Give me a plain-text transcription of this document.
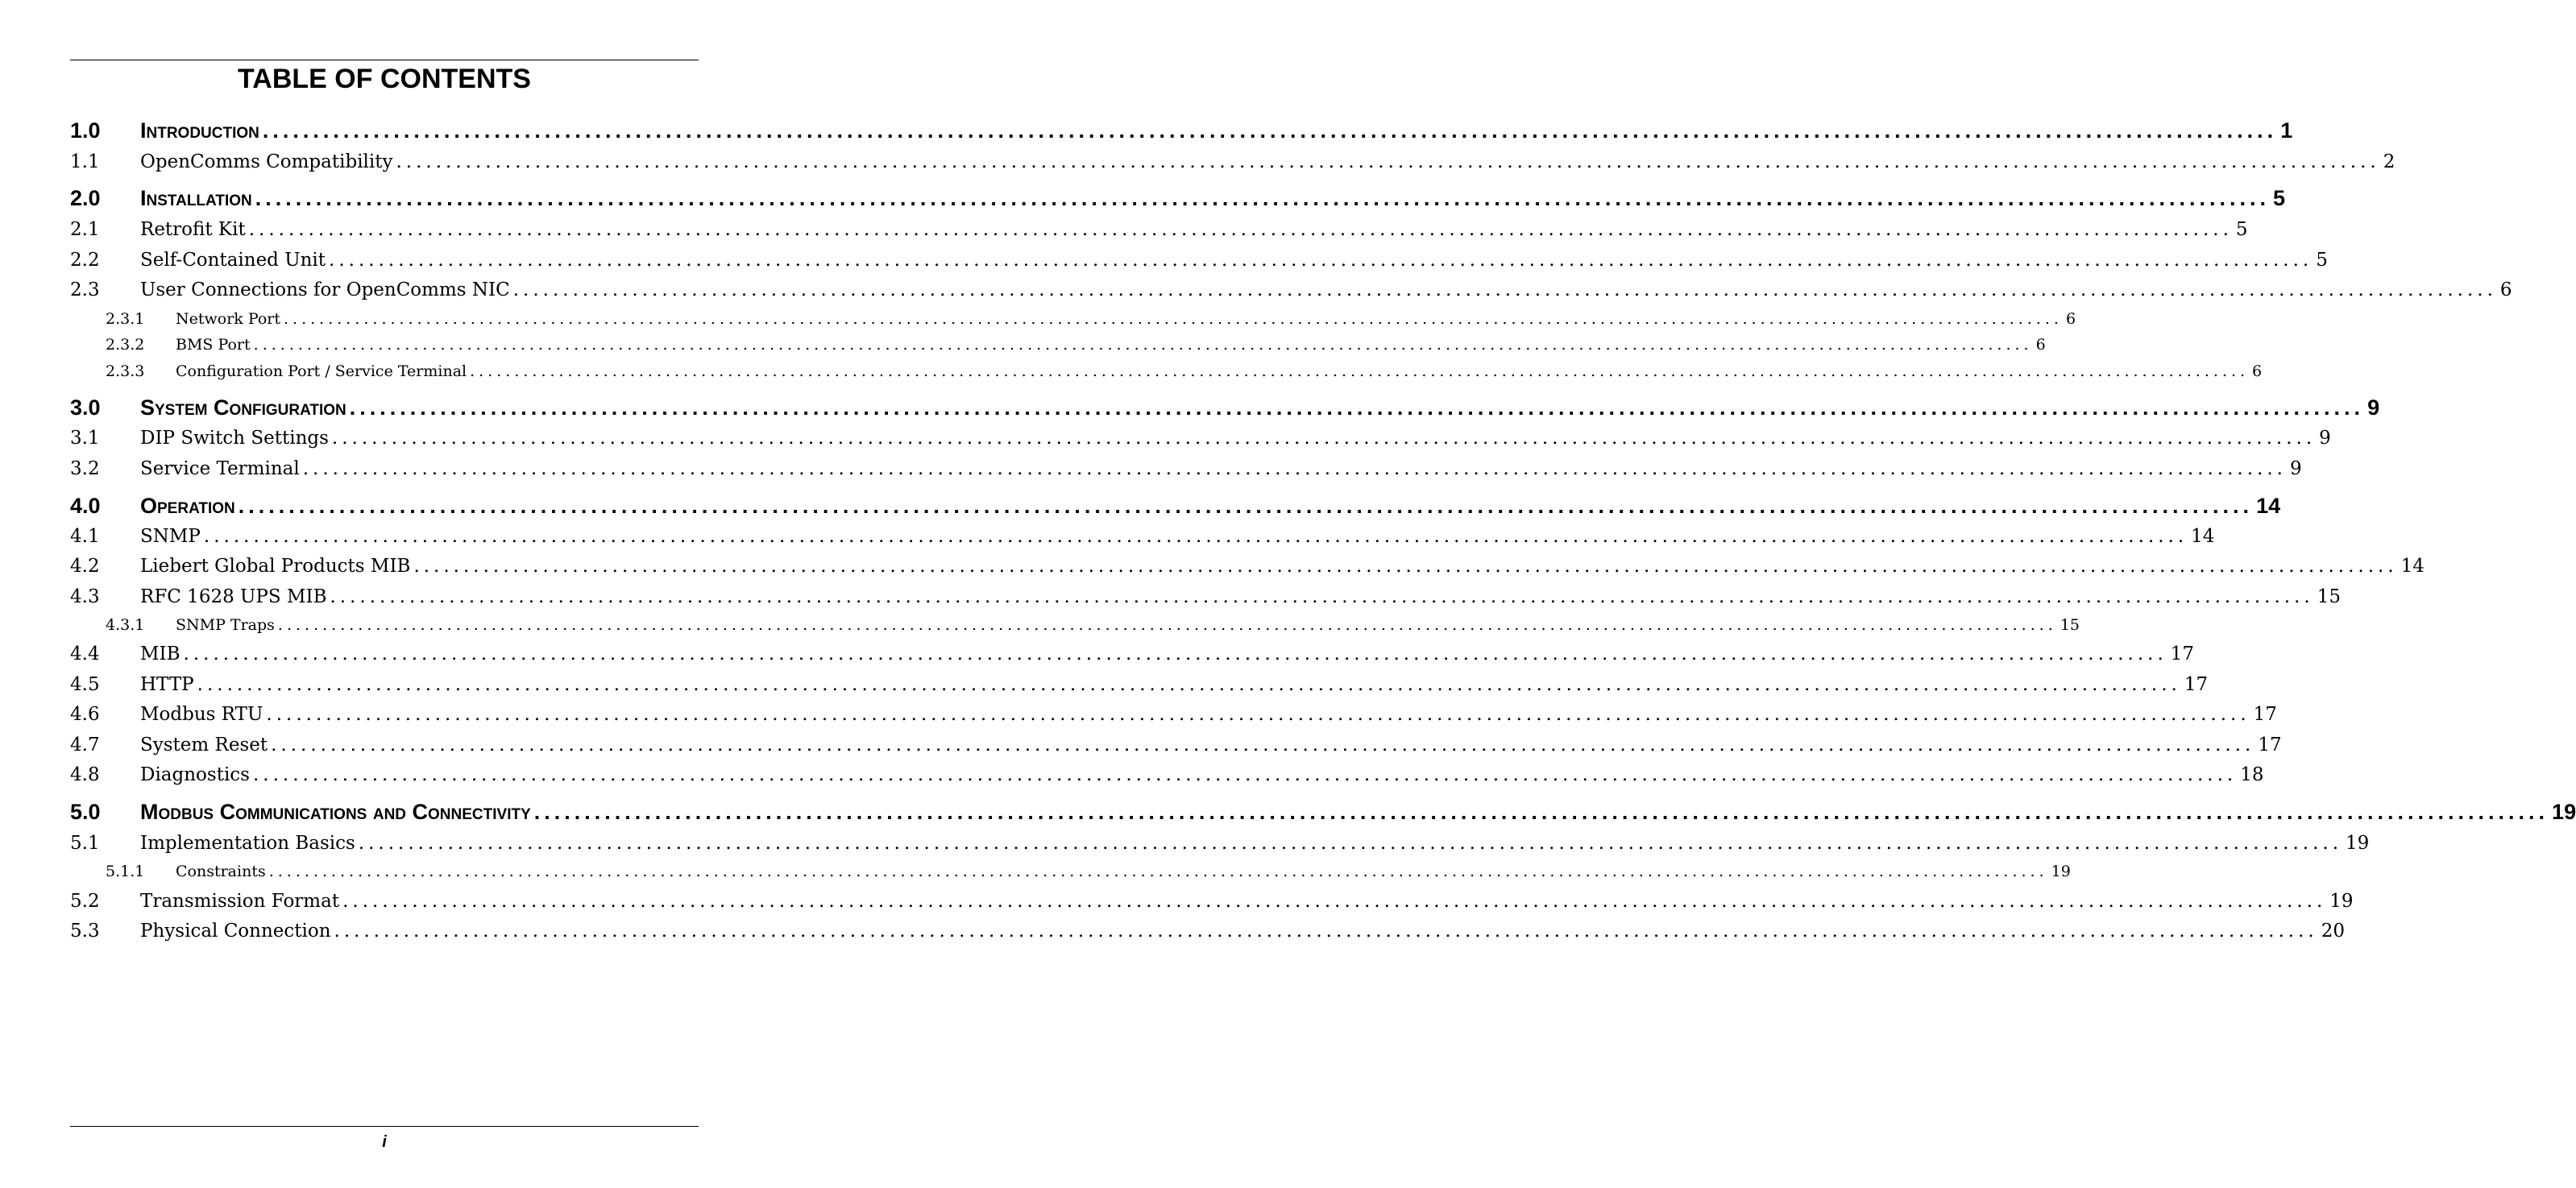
TABLE OF CONTENTS
1.0	Introduction ........................................................................................................................................................................................................ 1
1.1	OpenComms Compatibility ........................................................................................................................................................................................................ 2
2.0	Installation ........................................................................................................................................................................................................ 5
2.1	Retrofit Kit ........................................................................................................................................................................................................ 5
2.2	Self-Contained Unit ........................................................................................................................................................................................................ 5
2.3	User Connections for OpenComms NIC ........................................................................................................................................................................................................ 6
2.3.1	Network Port ........................................................................................................................................................................................................ 6
2.3.2	BMS Port ........................................................................................................................................................................................................ 6
2.3.3	Configuration Port / Service Terminal ........................................................................................................................................................................................................ 6
3.0	System Configuration ........................................................................................................................................................................................................ 9
3.1	DIP Switch Settings ........................................................................................................................................................................................................ 9
3.2	Service Terminal ........................................................................................................................................................................................................ 9
4.0	Operation ........................................................................................................................................................................................................ 14
4.1	SNMP ........................................................................................................................................................................................................ 14
4.2	Liebert Global Products MIB ........................................................................................................................................................................................................ 14
4.3	RFC 1628 UPS MIB ........................................................................................................................................................................................................ 15
4.3.1	SNMP Traps ........................................................................................................................................................................................................ 15
4.4	MIB ........................................................................................................................................................................................................ 17
4.5	HTTP ........................................................................................................................................................................................................ 17
4.6	Modbus RTU ........................................................................................................................................................................................................ 17
4.7	System Reset ........................................................................................................................................................................................................ 17
4.8	Diagnostics ........................................................................................................................................................................................................ 18
5.0	Modbus Communications and Connectivity ........................................................................................................................................................................................................ 19
5.1	Implementation Basics ........................................................................................................................................................................................................ 19
5.1.1	Constraints ........................................................................................................................................................................................................ 19
5.2	Transmission Format ........................................................................................................................................................................................................ 19
5.3	Physical Connection ........................................................................................................................................................................................................ 20
i
